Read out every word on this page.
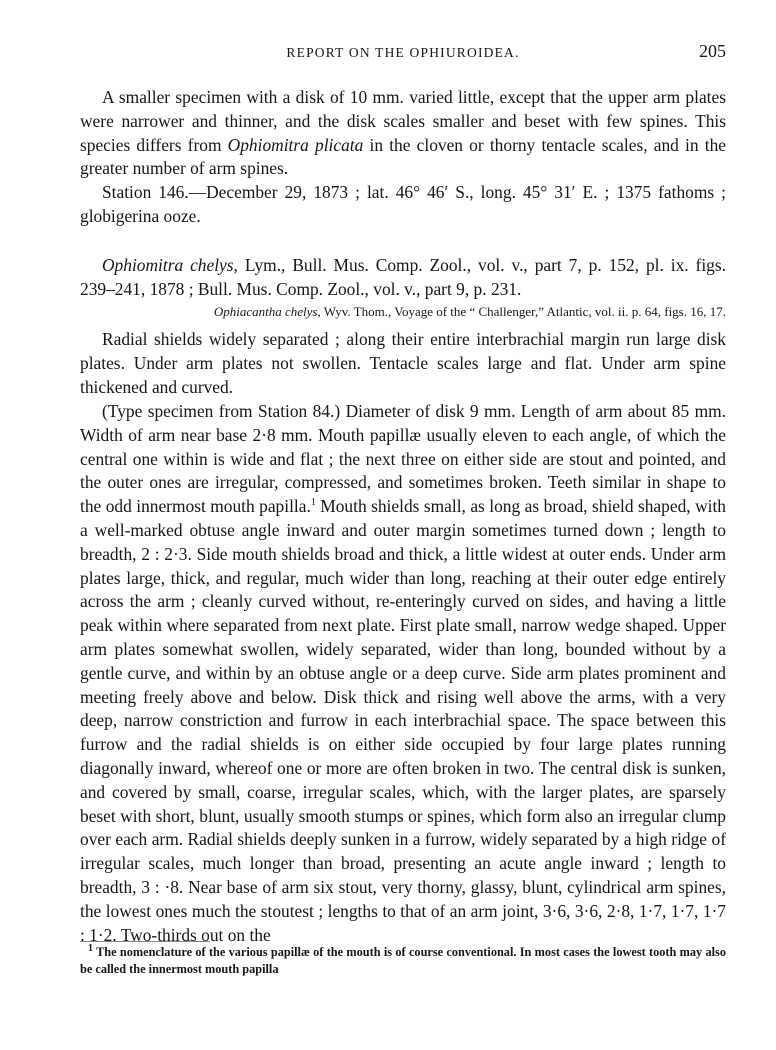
REPORT ON THE OPHIUROIDEA.	205

A smaller specimen with a disk of 10 mm. varied little, except that the upper arm plates were narrower and thinner, and the disk scales smaller and beset with few spines. This species differs from Ophiomitra plicata in the cloven or thorny tentacle scales, and in the greater number of arm spines.

Station 146.—December 29, 1873 ; lat. 46° 46′ S., long. 45° 31′ E. ; 1375 fathoms ; globigerina ooze.

Ophiomitra chelys, Lym., Bull. Mus. Comp. Zool., vol. v., part 7, p. 152, pl. ix. figs. 239–241, 1878 ; Bull. Mus. Comp. Zool., vol. v., part 9, p. 231.

Ophiacantha chelys, Wyv. Thom., Voyage of the “ Challenger,” Atlantic, vol. ii. p. 64, figs. 16, 17.

Radial shields widely separated ; along their entire interbrachial margin run large disk plates. Under arm plates not swollen. Tentacle scales large and flat. Under arm spine thickened and curved.

(Type specimen from Station 84.) Diameter of disk 9 mm. Length of arm about 85 mm. Width of arm near base 2·8 mm. Mouth papillæ usually eleven to each angle, of which the central one within is wide and flat ; the next three on either side are stout and pointed, and the outer ones are irregular, compressed, and sometimes broken. Teeth similar in shape to the odd innermost mouth papilla.$^1$ Mouth shields small, as long as broad, shield shaped, with a well-marked obtuse angle inward and outer margin sometimes turned down ; length to breadth, 2 : 2·3. Side mouth shields broad and thick, a little widest at outer ends. Under arm plates large, thick, and regular, much wider than long, reaching at their outer edge entirely across the arm ; cleanly curved without, re-enteringly curved on sides, and having a little peak within where separated from next plate. First plate small, narrow wedge shaped. Upper arm plates somewhat swollen, widely separated, wider than long, bounded without by a gentle curve, and within by an obtuse angle or a deep curve. Side arm plates prominent and meeting freely above and below. Disk thick and rising well above the arms, with a very deep, narrow constriction and furrow in each interbrachial space. The space between this furrow and the radial shields is on either side occupied by four large plates running diagonally inward, whereof one or more are often broken in two. The central disk is sunken, and covered by small, coarse, irregular scales, which, with the larger plates, are sparsely beset with short, blunt, usually smooth stumps or spines, which form also an irregular clump over each arm. Radial shields deeply sunken in a furrow, widely separated by a high ridge of irregular scales, much longer than broad, presenting an acute angle inward ; length to breadth, 3 : ·8. Near base of arm six stout, very thorny, glassy, blunt, cylindrical arm spines, the lowest ones much the stoutest ; lengths to that of an arm joint, 3·6, 3·6, 2·8, 1·7, 1·7, 1·7 : 1·2. Two-thirds out on the

$^1$ The nomenclature of the various papillæ of the mouth is of course conventional. In most cases the lowest tooth may also be called the innermost mouth papilla
